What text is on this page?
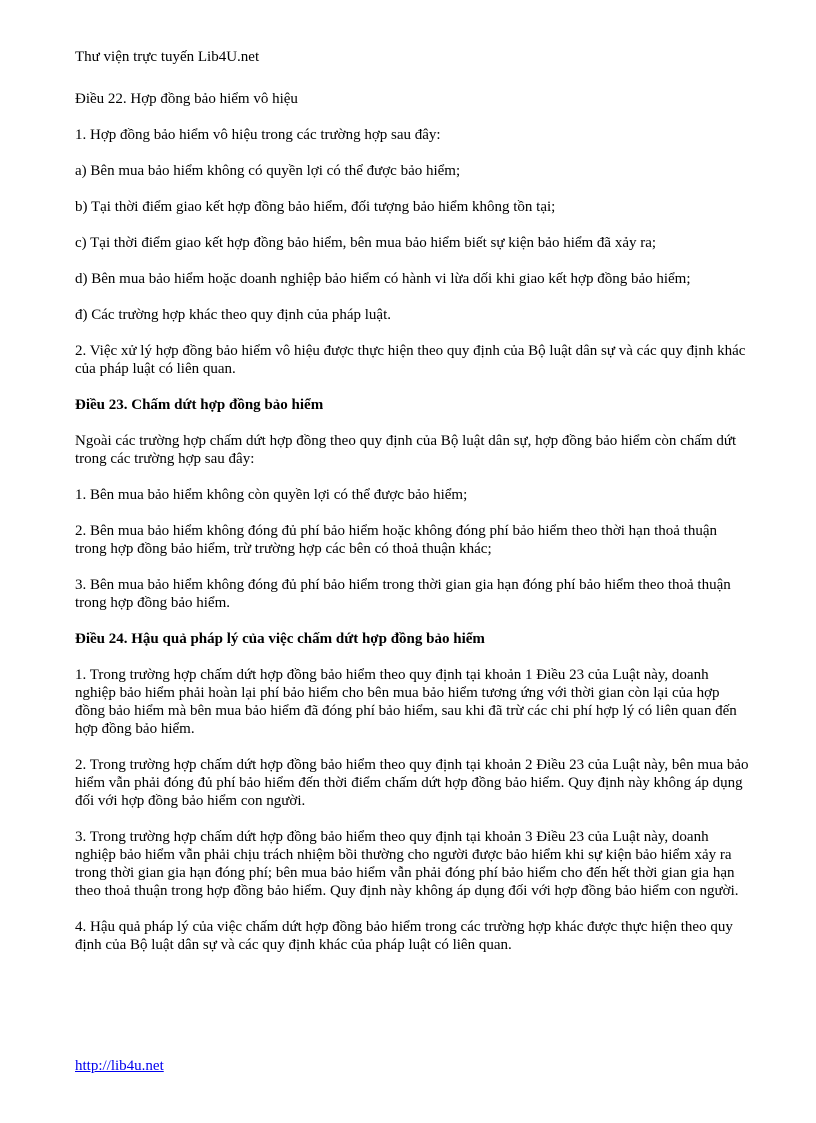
Thư viện trực tuyến Lib4U.net

Điều 22. Hợp đồng bảo hiểm vô hiệu

1. Hợp đồng bảo hiểm vô hiệu trong các trường hợp sau đây:

a) Bên mua bảo hiểm không có quyền lợi có thể được bảo hiểm;

b) Tại thời điểm giao kết hợp đồng bảo hiểm, đối tượng bảo hiểm không tồn tại;

c) Tại thời điểm giao kết hợp đồng bảo hiểm, bên mua bảo hiểm biết sự kiện bảo hiểm đã xảy ra;

d) Bên mua bảo hiểm hoặc doanh nghiệp bảo hiểm có hành vi lừa dối khi giao kết hợp đồng bảo hiểm;

đ) Các trường hợp khác theo quy định của pháp luật.

2. Việc xử lý hợp đồng bảo hiểm vô hiệu được thực hiện theo quy định của Bộ luật dân sự và các quy định khác của pháp luật có liên quan.

Điều 23. Chấm dứt hợp đồng bảo hiểm

Ngoài các trường hợp chấm dứt hợp đồng theo quy định của Bộ luật dân sự, hợp đồng bảo hiểm còn chấm dứt trong các trường hợp sau đây:

1. Bên mua bảo hiểm không còn quyền lợi có thể được bảo hiểm;

2. Bên mua bảo hiểm không đóng đủ phí bảo hiểm hoặc không đóng phí bảo hiểm theo thời hạn thoả thuận trong hợp đồng bảo hiểm, trừ trường hợp các bên có thoả thuận khác;

3. Bên mua bảo hiểm không đóng đủ phí bảo hiểm trong thời gian gia hạn đóng phí bảo hiểm theo thoả thuận trong hợp đồng bảo hiểm.

Điều 24. Hậu quả pháp lý của việc chấm dứt hợp đồng bảo hiểm

1. Trong trường hợp chấm dứt hợp đồng bảo hiểm theo quy định tại khoản 1 Điều 23 của Luật này, doanh nghiệp bảo hiểm phải hoàn lại phí bảo hiểm cho bên mua bảo hiểm tương ứng với thời gian còn lại của hợp đồng bảo hiểm mà bên mua bảo hiểm đã đóng phí bảo hiểm, sau khi đã trừ các chi phí hợp lý có liên quan đến hợp đồng bảo hiểm.

2. Trong trường hợp chấm dứt hợp đồng bảo hiểm theo quy định tại khoản 2 Điều 23 của Luật này, bên mua bảo hiểm vẫn phải đóng đủ phí bảo hiểm đến thời điểm chấm dứt hợp đồng bảo hiểm. Quy định này không áp dụng đối với hợp đồng bảo hiểm con người.

3. Trong trường hợp chấm dứt hợp đồng bảo hiểm theo quy định tại khoản 3 Điều 23 của Luật này, doanh nghiệp bảo hiểm vẫn phải chịu trách nhiệm bồi thường cho người được bảo hiểm khi sự kiện bảo hiểm xảy ra trong thời gian gia hạn đóng phí; bên mua bảo hiểm vẫn phải đóng phí bảo hiểm cho đến hết thời gian gia hạn theo thoả thuận trong hợp đồng bảo hiểm. Quy định này không áp dụng đối với hợp đồng bảo hiểm con người.

4. Hậu quả pháp lý của việc chấm dứt hợp đồng bảo hiểm trong các trường hợp khác được thực hiện theo quy định của Bộ luật dân sự và các quy định khác của pháp luật có liên quan.

http://lib4u.net
